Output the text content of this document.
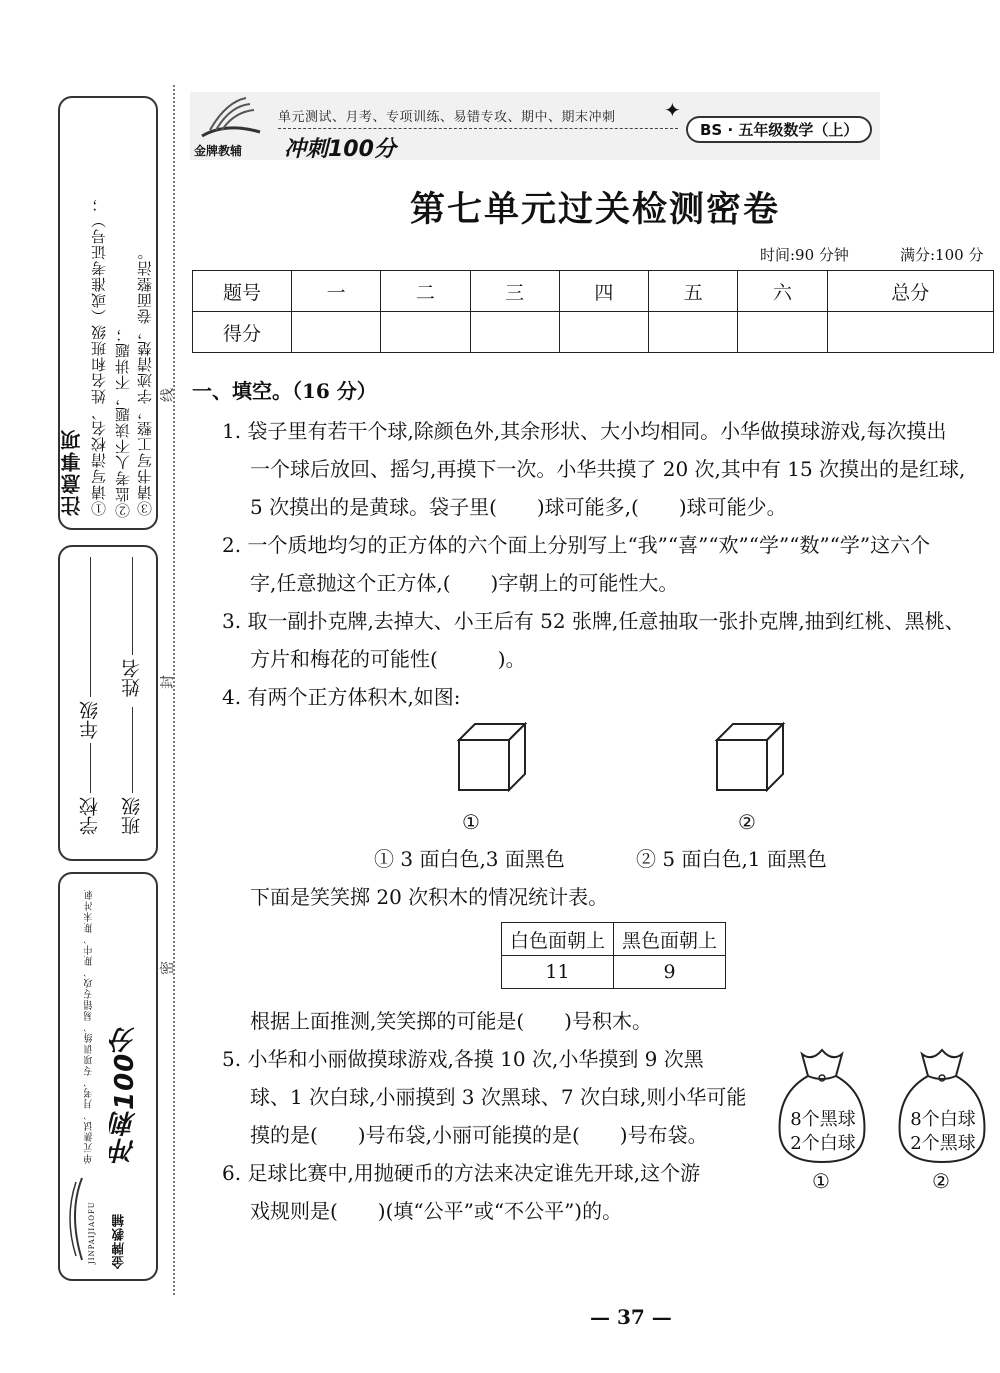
注意事项 ①请写清校名、姓名和班级（或准考证号）； ②监考人不读题，不讲题； ③请书写工整，字迹清楚，卷面整洁。
年级
姓名
学校 班级
单元测试、月考、专项训练、易错专攻、期中、期末冲刺 冲刺100分
金牌教辅
JINPAIJIAOFU
线
封
密
金牌教辅
单元测试、月考、专项训练、易错专攻、期中、期末冲刺 ✦
BS · 五年级数学（上）
冲刺100分
第七单元过关检测密卷
时间:90 分钟	满分:100 分
题号	一	二	三	四	五	六	总分
得分							
一、填空。（16 分）
1. 袋子里有若干个球,除颜色外,其余形状、大小均相同。小华做摸球游戏,每次摸出
一个球后放回、摇匀,再摸下一次。小华共摸了 20 次,其中有 15 次摸出的是红球,
5 次摸出的是黄球。袋子里(　　)球可能多,(　　)球可能少。
2. 一个质地均匀的正方体的六个面上分别写上“我”“喜”“欢”“学”“数”“学”这六个
字,任意抛这个正方体,(　　)字朝上的可能性大。
3. 取一副扑克牌,去掉大、小王后有 52 张牌,任意抽取一张扑克牌,抽到红桃、黑桃、
方片和梅花的可能性(　　　)。
4. 有两个正方体积木,如图:
①	②
① 3 面白色,3 面黑色	② 5 面白色,1 面黑色
下面是笑笑掷 20 次积木的情况统计表。
白色面朝上	黑色面朝上
11	9
根据上面推测,笑笑掷的可能是(　　)号积木。
5. 小华和小丽做摸球游戏,各摸 10 次,小华摸到 9 次黑
球、1 次白球,小丽摸到 3 次黑球、7 次白球,则小华可能
摸的是(　　)号布袋,小丽可能摸的是(　　)号布袋。
8个黑球
2个白球
8个白球
2个黑球
①	②
6. 足球比赛中,用抛硬币的方法来决定谁先开球,这个游
戏规则是(　　)(填“公平”或“不公平”)的。
— 37 —
